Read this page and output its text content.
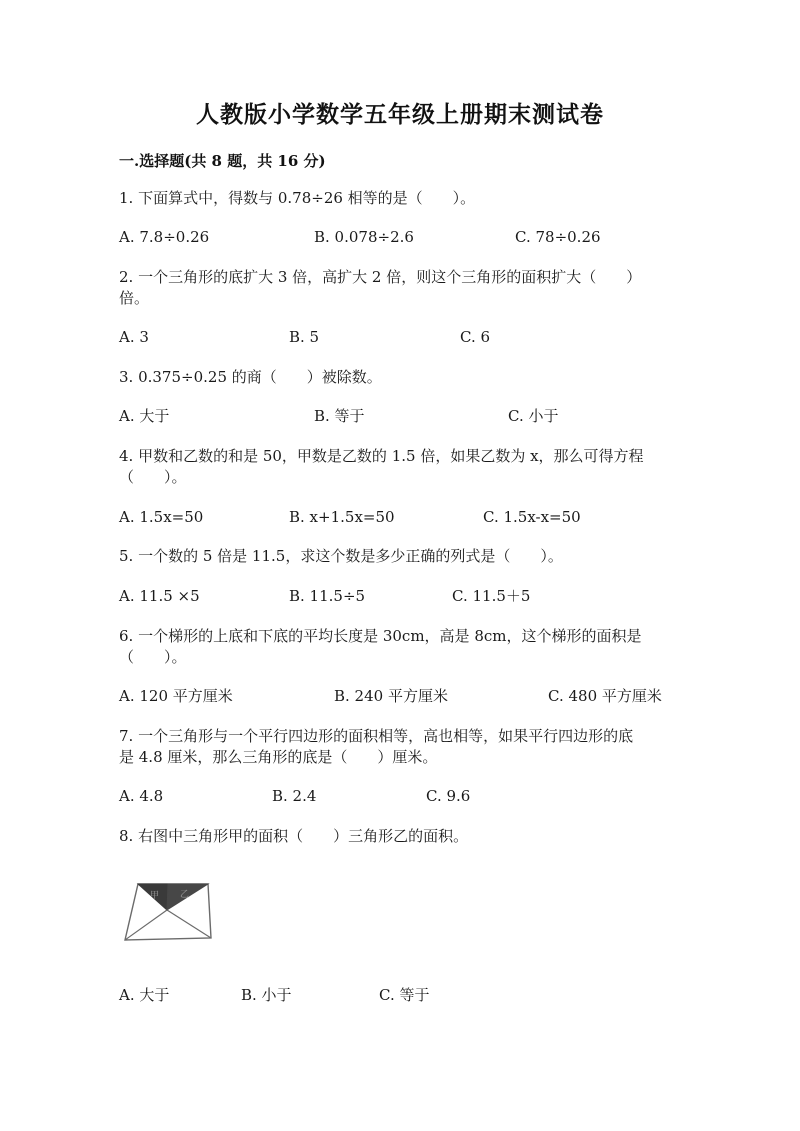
人教版小学数学五年级上册期末测试卷
一.选择题(共 8 题，共 16 分)
1. 下面算式中，得数与 0.78÷26 相等的是（　　）。
A. 7.8÷0.26	B. 0.078÷2.6	C. 78÷0.26
2. 一个三角形的底扩大 3 倍，高扩大 2 倍，则这个三角形的面积扩大（　　）
倍。
A. 3	B. 5	C. 6
3. 0.375÷0.25 的商（　　）被除数。
A. 大于	B. 等于	C. 小于
4. 甲数和乙数的和是 50，甲数是乙数的 1.5 倍，如果乙数为 x，那么可得方程
（　　）。
A. 1.5x=50	B. x+1.5x=50	C. 1.5x-x=50
5. 一个数的 5 倍是 11.5，求这个数是多少正确的列式是（　　）。
A. 11.5 ×5	B. 11.5÷5	C. 11.5＋5
6. 一个梯形的上底和下底的平均长度是 30cm，高是 8cm，这个梯形的面积是
（　　）。
A. 120 平方厘米	B. 240 平方厘米	C. 480 平方厘米
7. 一个三角形与一个平行四边形的面积相等，高也相等，如果平行四边形的底
是 4.8 厘米，那么三角形的底是（　　）厘米。
A. 4.8	B. 2.4	C. 9.6
8. 右图中三角形甲的面积（　　）三角形乙的面积。
甲 乙
A. 大于	B. 小于	C. 等于
